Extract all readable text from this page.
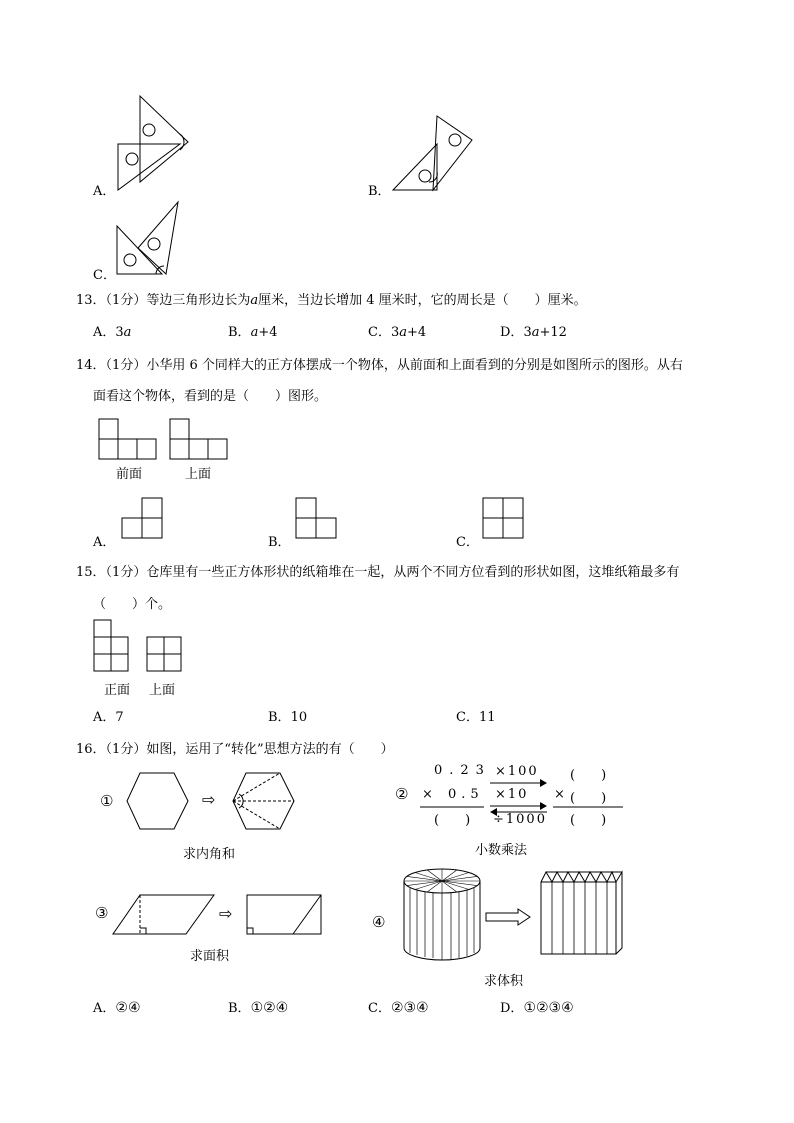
A．	B．
C．
13．（1分）等边三角形边长为a厘米，当边长增加 4 厘米时，它的周长是（　　）厘米。
A．3a	B．a+4	C．3a+4	D．3a+12
14．（1分）小华用 6 个同样大的正方体摆成一个物体，从前面和上面看到的分别是如图所示的图形。从右
面看这个物体，看到的是（　　）图形。
前面	上面
A．	B．	C．
15．（1分）仓库里有一些正方体形状的纸箱堆在一起，从两个不同方位看到的形状如图，这堆纸箱最多有
（　　）个。
正面 上面
A．7	B．10	C．11
16．（1分）如图，运用了“转化”思想方法的有（　　）
①	⇨
求内角和
②
0.23
× 0.5
(　　)
×100
×10
÷1000
(　　)
× (　　)
(　　)
小数乘法
③	⇨
求面积
④
求体积
A．②④	B．①②④	C．②③④	D．①②③④
